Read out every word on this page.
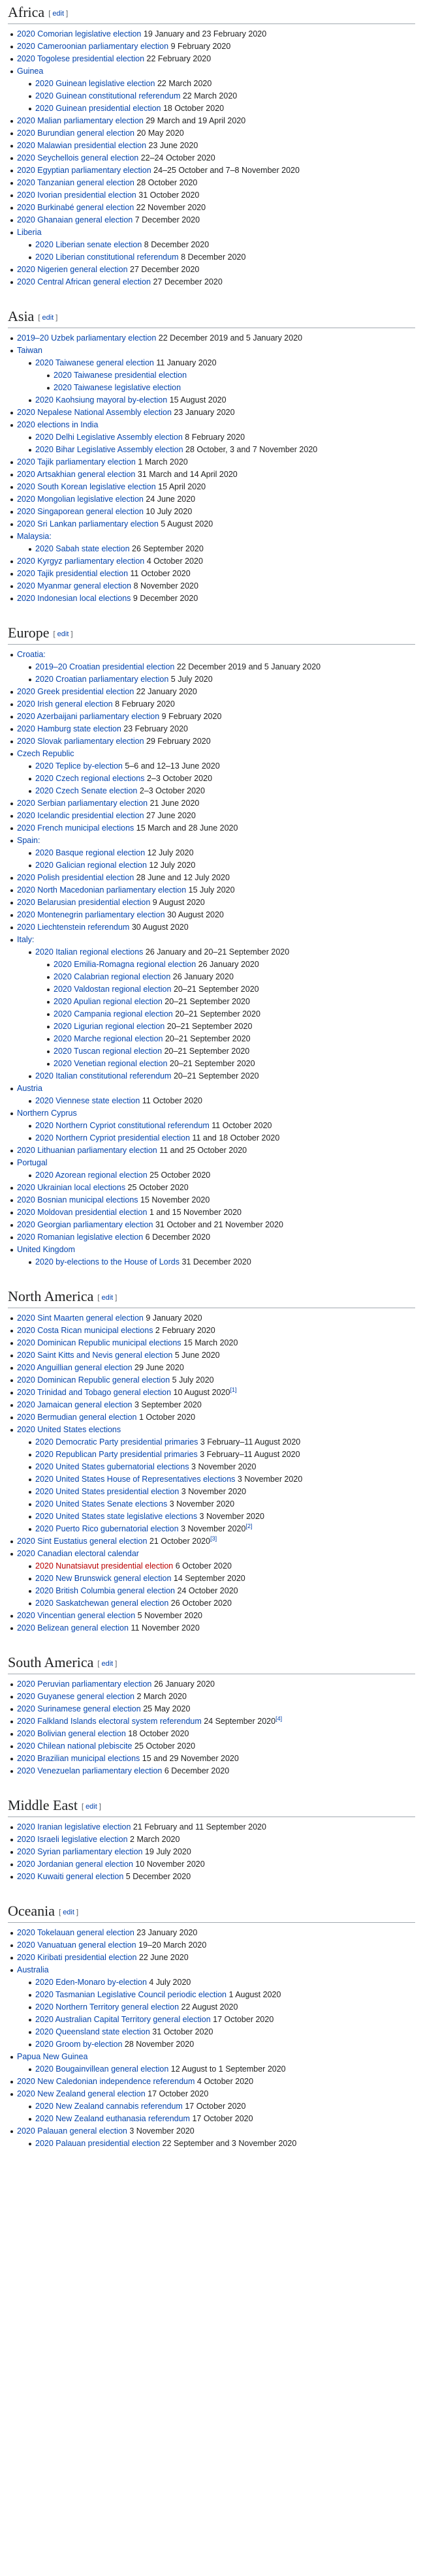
Africa [ edit ]
2020 Comorian legislative election 19 January and 23 February 2020
2020 Cameroonian parliamentary election 9 February 2020
2020 Togolese presidential election 22 February 2020
Guinea
2020 Guinean legislative election 22 March 2020
2020 Guinean constitutional referendum 22 March 2020
2020 Guinean presidential election 18 October 2020
2020 Malian parliamentary election 29 March and 19 April 2020
2020 Burundian general election 20 May 2020
2020 Malawian presidential election 23 June 2020
2020 Seychellois general election 22–24 October 2020
2020 Egyptian parliamentary election 24–25 October and 7–8 November 2020
2020 Tanzanian general election 28 October 2020
2020 Ivorian presidential election 31 October 2020
2020 Burkinabé general election 22 November 2020
2020 Ghanaian general election 7 December 2020
Liberia
2020 Liberian senate election 8 December 2020
2020 Liberian constitutional referendum 8 December 2020
2020 Nigerien general election 27 December 2020
2020 Central African general election 27 December 2020
Asia [ edit ]
2019–20 Uzbek parliamentary election 22 December 2019 and 5 January 2020
Taiwan
2020 Taiwanese general election 11 January 2020
2020 Taiwanese presidential election
2020 Taiwanese legislative election
2020 Kaohsiung mayoral by-election 15 August 2020
2020 Nepalese National Assembly election 23 January 2020
2020 elections in India
2020 Delhi Legislative Assembly election 8 February 2020
2020 Bihar Legislative Assembly election 28 October, 3 and 7 November 2020
2020 Tajik parliamentary election 1 March 2020
2020 Artsakhian general election 31 March and 14 April 2020
2020 South Korean legislative election 15 April 2020
2020 Mongolian legislative election 24 June 2020
2020 Singaporean general election 10 July 2020
2020 Sri Lankan parliamentary election 5 August 2020
Malaysia:
2020 Sabah state election 26 September 2020
2020 Kyrgyz parliamentary election 4 October 2020
2020 Tajik presidential election 11 October 2020
2020 Myanmar general election 8 November 2020
2020 Indonesian local elections 9 December 2020
Europe [ edit ]
Croatia:
2019–20 Croatian presidential election 22 December 2019 and 5 January 2020
2020 Croatian parliamentary election 5 July 2020
2020 Greek presidential election 22 January 2020
2020 Irish general election 8 February 2020
2020 Azerbaijani parliamentary election 9 February 2020
2020 Hamburg state election 23 February 2020
2020 Slovak parliamentary election 29 February 2020
Czech Republic
2020 Teplice by-election 5–6 and 12–13 June 2020
2020 Czech regional elections 2–3 October 2020
2020 Czech Senate election 2–3 October 2020
2020 Serbian parliamentary election 21 June 2020
2020 Icelandic presidential election 27 June 2020
2020 French municipal elections 15 March and 28 June 2020
Spain:
2020 Basque regional election 12 July 2020
2020 Galician regional election 12 July 2020
2020 Polish presidential election 28 June and 12 July 2020
2020 North Macedonian parliamentary election 15 July 2020
2020 Belarusian presidential election 9 August 2020
2020 Montenegrin parliamentary election 30 August 2020
2020 Liechtenstein referendum 30 August 2020
Italy:
2020 Italian regional elections 26 January and 20–21 September 2020
2020 Emilia-Romagna regional election 26 January 2020
2020 Calabrian regional election 26 January 2020
2020 Valdostan regional election 20–21 September 2020
2020 Apulian regional election 20–21 September 2020
2020 Campania regional election 20–21 September 2020
2020 Ligurian regional election 20–21 September 2020
2020 Marche regional election 20–21 September 2020
2020 Tuscan regional election 20–21 September 2020
2020 Venetian regional election 20–21 September 2020
2020 Italian constitutional referendum 20–21 September 2020
Austria
2020 Viennese state election 11 October 2020
Northern Cyprus
2020 Northern Cypriot constitutional referendum 11 October 2020
2020 Northern Cypriot presidential election 11 and 18 October 2020
2020 Lithuanian parliamentary election 11 and 25 October 2020
Portugal
2020 Azorean regional election 25 October 2020
2020 Ukrainian local elections 25 October 2020
2020 Bosnian municipal elections 15 November 2020
2020 Moldovan presidential election 1 and 15 November 2020
2020 Georgian parliamentary election 31 October and 21 November 2020
2020 Romanian legislative election 6 December 2020
United Kingdom
2020 by-elections to the House of Lords 31 December 2020
North America [ edit ]
2020 Sint Maarten general election 9 January 2020
2020 Costa Rican municipal elections 2 February 2020
2020 Dominican Republic municipal elections 15 March 2020
2020 Saint Kitts and Nevis general election 5 June 2020
2020 Anguillian general election 29 June 2020
2020 Dominican Republic general election 5 July 2020
2020 Trinidad and Tobago general election 10 August 2020[1]
2020 Jamaican general election 3 September 2020
2020 Bermudian general election 1 October 2020
2020 United States elections
2020 Democratic Party presidential primaries 3 February–11 August 2020
2020 Republican Party presidential primaries 3 February–11 August 2020
2020 United States gubernatorial elections 3 November 2020
2020 United States House of Representatives elections 3 November 2020
2020 United States presidential election 3 November 2020
2020 United States Senate elections 3 November 2020
2020 United States state legislative elections 3 November 2020
2020 Puerto Rico gubernatorial election 3 November 2020[2]
2020 Sint Eustatius general election 21 October 2020[3]
2020 Canadian electoral calendar
2020 Nunatsiavut presidential election 6 October 2020
2020 New Brunswick general election 14 September 2020
2020 British Columbia general election 24 October 2020
2020 Saskatchewan general election 26 October 2020
2020 Vincentian general election 5 November 2020
2020 Belizean general election 11 November 2020
South America [ edit ]
2020 Peruvian parliamentary election 26 January 2020
2020 Guyanese general election 2 March 2020
2020 Surinamese general election 25 May 2020
2020 Falkland Islands electoral system referendum 24 September 2020[4]
2020 Bolivian general election 18 October 2020
2020 Chilean national plebiscite 25 October 2020
2020 Brazilian municipal elections 15 and 29 November 2020
2020 Venezuelan parliamentary election 6 December 2020
Middle East [ edit ]
2020 Iranian legislative election 21 February and 11 September 2020
2020 Israeli legislative election 2 March 2020
2020 Syrian parliamentary election 19 July 2020
2020 Jordanian general election 10 November 2020
2020 Kuwaiti general election 5 December 2020
Oceania [ edit ]
2020 Tokelauan general election 23 January 2020
2020 Vanuatuan general election 19–20 March 2020
2020 Kiribati presidential election 22 June 2020
Australia
2020 Eden-Monaro by-election 4 July 2020
2020 Tasmanian Legislative Council periodic election 1 August 2020
2020 Northern Territory general election 22 August 2020
2020 Australian Capital Territory general election 17 October 2020
2020 Queensland state election 31 October 2020
2020 Groom by-election 28 November 2020
Papua New Guinea
2020 Bougainvillean general election 12 August to 1 September 2020
2020 New Caledonian independence referendum 4 October 2020
2020 New Zealand general election 17 October 2020
2020 New Zealand cannabis referendum 17 October 2020
2020 New Zealand euthanasia referendum 17 October 2020
2020 Palauan general election 3 November 2020
2020 Palauan presidential election 22 September and 3 November 2020
